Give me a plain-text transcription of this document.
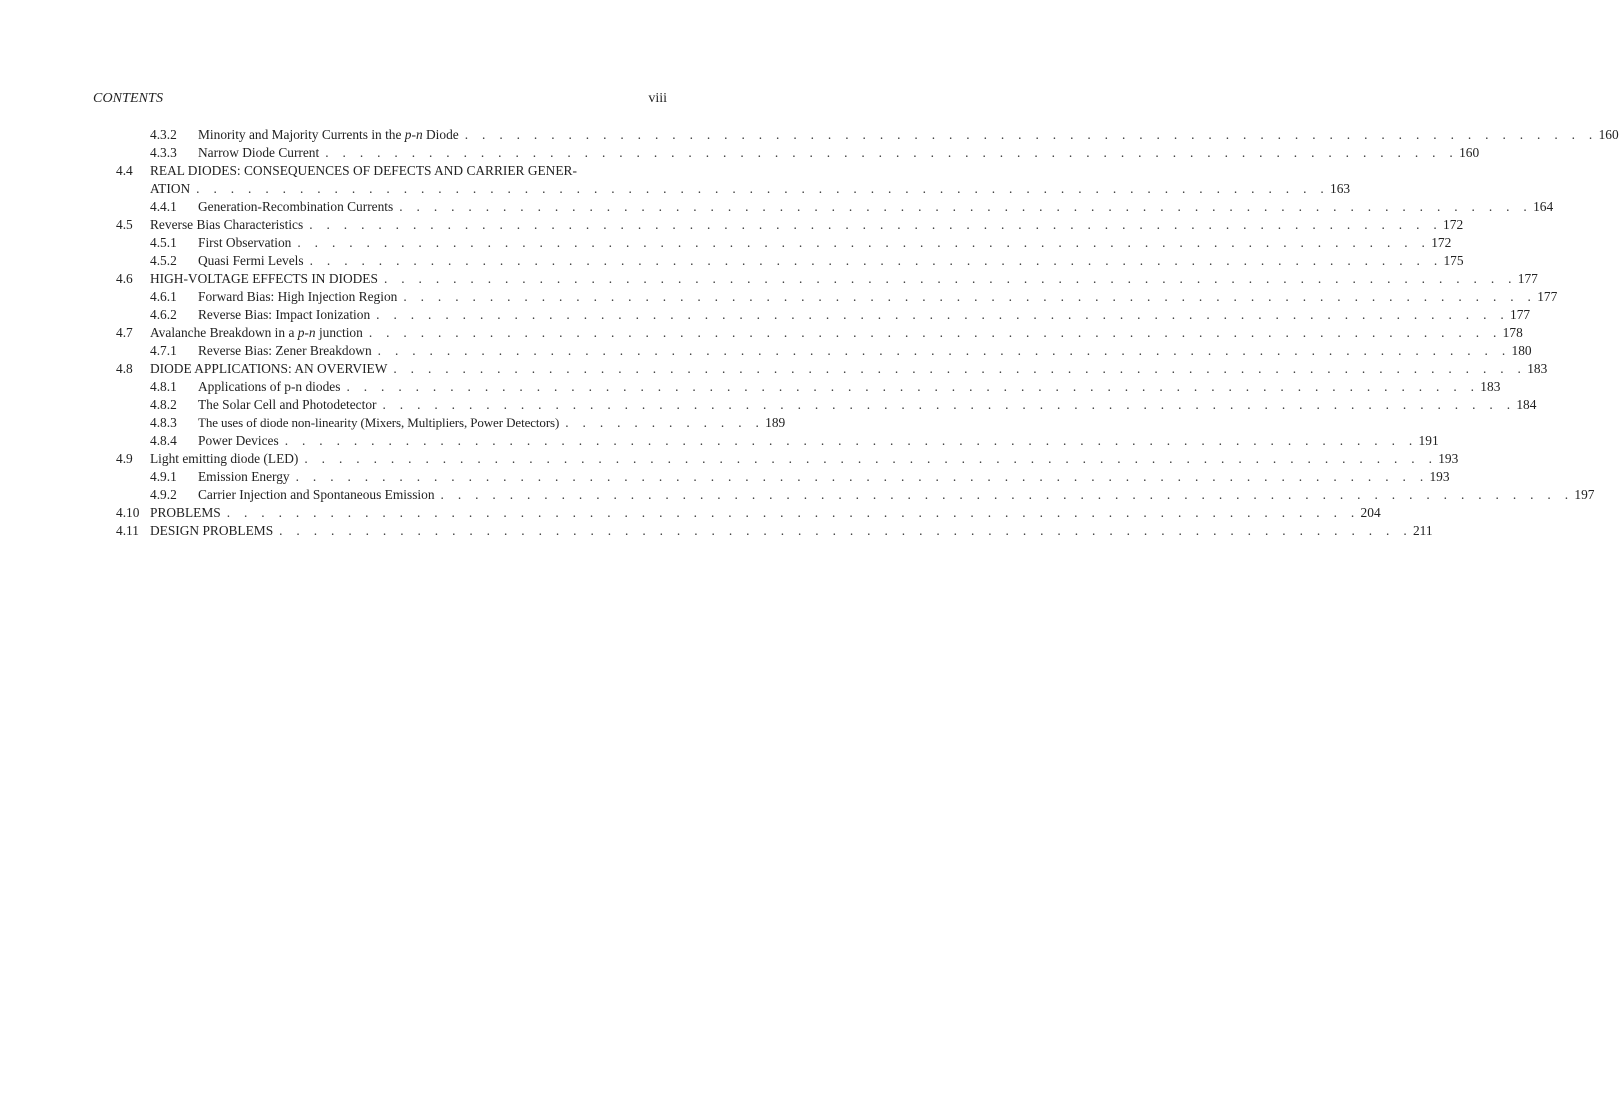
CONTENTS	viii
4.3.2 Minority and Majority Currents in the p-n Diode . . . . . . . . . . . . . . . . . . . . . . . . . . . . . . . . . . . . . . . . . . . . . . . . . . . . . . . . . . . . . . . . . . 160
4.3.3 Narrow Diode Current . . . . . . . . . . . . . . . . . . . . . . . . . . . . . . . . . . . . . . . . . . . . . . . . . . . . . . . . . . . . . . . . . . 160
4.4 REAL DIODES: CONSEQUENCES OF DEFECTS AND CARRIER GENER-
ATION . . . . . . . . . . . . . . . . . . . . . . . . . . . . . . . . . . . . . . . . . . . . . . . . . . . . . . . . . . . . . . . . . . 163
4.4.1 Generation-Recombination Currents . . . . . . . . . . . . . . . . . . . . . . . . . . . . . . . . . . . . . . . . . . . . . . . . . . . . . . . . . . . . . . . . . . 164
4.5 Reverse Bias Characteristics . . . . . . . . . . . . . . . . . . . . . . . . . . . . . . . . . . . . . . . . . . . . . . . . . . . . . . . . . . . . . . . . . . 172
4.5.1 First Observation . . . . . . . . . . . . . . . . . . . . . . . . . . . . . . . . . . . . . . . . . . . . . . . . . . . . . . . . . . . . . . . . . . 172
4.5.2 Quasi Fermi Levels . . . . . . . . . . . . . . . . . . . . . . . . . . . . . . . . . . . . . . . . . . . . . . . . . . . . . . . . . . . . . . . . . . 175
4.6 HIGH-VOLTAGE EFFECTS IN DIODES . . . . . . . . . . . . . . . . . . . . . . . . . . . . . . . . . . . . . . . . . . . . . . . . . . . . . . . . . . . . . . . . . . 177
4.6.1 Forward Bias: High Injection Region . . . . . . . . . . . . . . . . . . . . . . . . . . . . . . . . . . . . . . . . . . . . . . . . . . . . . . . . . . . . . . . . . . 177
4.6.2 Reverse Bias: Impact Ionization . . . . . . . . . . . . . . . . . . . . . . . . . . . . . . . . . . . . . . . . . . . . . . . . . . . . . . . . . . . . . . . . . . 177
4.7 Avalanche Breakdown in a p-n junction . . . . . . . . . . . . . . . . . . . . . . . . . . . . . . . . . . . . . . . . . . . . . . . . . . . . . . . . . . . . . . . . . . 178
4.7.1 Reverse Bias: Zener Breakdown . . . . . . . . . . . . . . . . . . . . . . . . . . . . . . . . . . . . . . . . . . . . . . . . . . . . . . . . . . . . . . . . . . 180
4.8 DIODE APPLICATIONS: AN OVERVIEW . . . . . . . . . . . . . . . . . . . . . . . . . . . . . . . . . . . . . . . . . . . . . . . . . . . . . . . . . . . . . . . . . . 183
4.8.1 Applications of p-n diodes . . . . . . . . . . . . . . . . . . . . . . . . . . . . . . . . . . . . . . . . . . . . . . . . . . . . . . . . . . . . . . . . . . 183
4.8.2 The Solar Cell and Photodetector . . . . . . . . . . . . . . . . . . . . . . . . . . . . . . . . . . . . . . . . . . . . . . . . . . . . . . . . . . . . . . . . . . 184
4.8.3 The uses of diode non-linearity (Mixers, Multipliers, Power Detectors) . . . . . . . . . . . . 189
4.8.4 Power Devices . . . . . . . . . . . . . . . . . . . . . . . . . . . . . . . . . . . . . . . . . . . . . . . . . . . . . . . . . . . . . . . . . . 191
4.9 Light emitting diode (LED) . . . . . . . . . . . . . . . . . . . . . . . . . . . . . . . . . . . . . . . . . . . . . . . . . . . . . . . . . . . . . . . . . . 193
4.9.1 Emission Energy . . . . . . . . . . . . . . . . . . . . . . . . . . . . . . . . . . . . . . . . . . . . . . . . . . . . . . . . . . . . . . . . . . 193
4.9.2 Carrier Injection and Spontaneous Emission . . . . . . . . . . . . . . . . . . . . . . . . . . . . . . . . . . . . . . . . . . . . . . . . . . . . . . . . . . . . . . . . . . 197
4.10 PROBLEMS . . . . . . . . . . . . . . . . . . . . . . . . . . . . . . . . . . . . . . . . . . . . . . . . . . . . . . . . . . . . . . . . . . 204
4.11 DESIGN PROBLEMS . . . . . . . . . . . . . . . . . . . . . . . . . . . . . . . . . . . . . . . . . . . . . . . . . . . . . . . . . . . . . . . . . . 211
